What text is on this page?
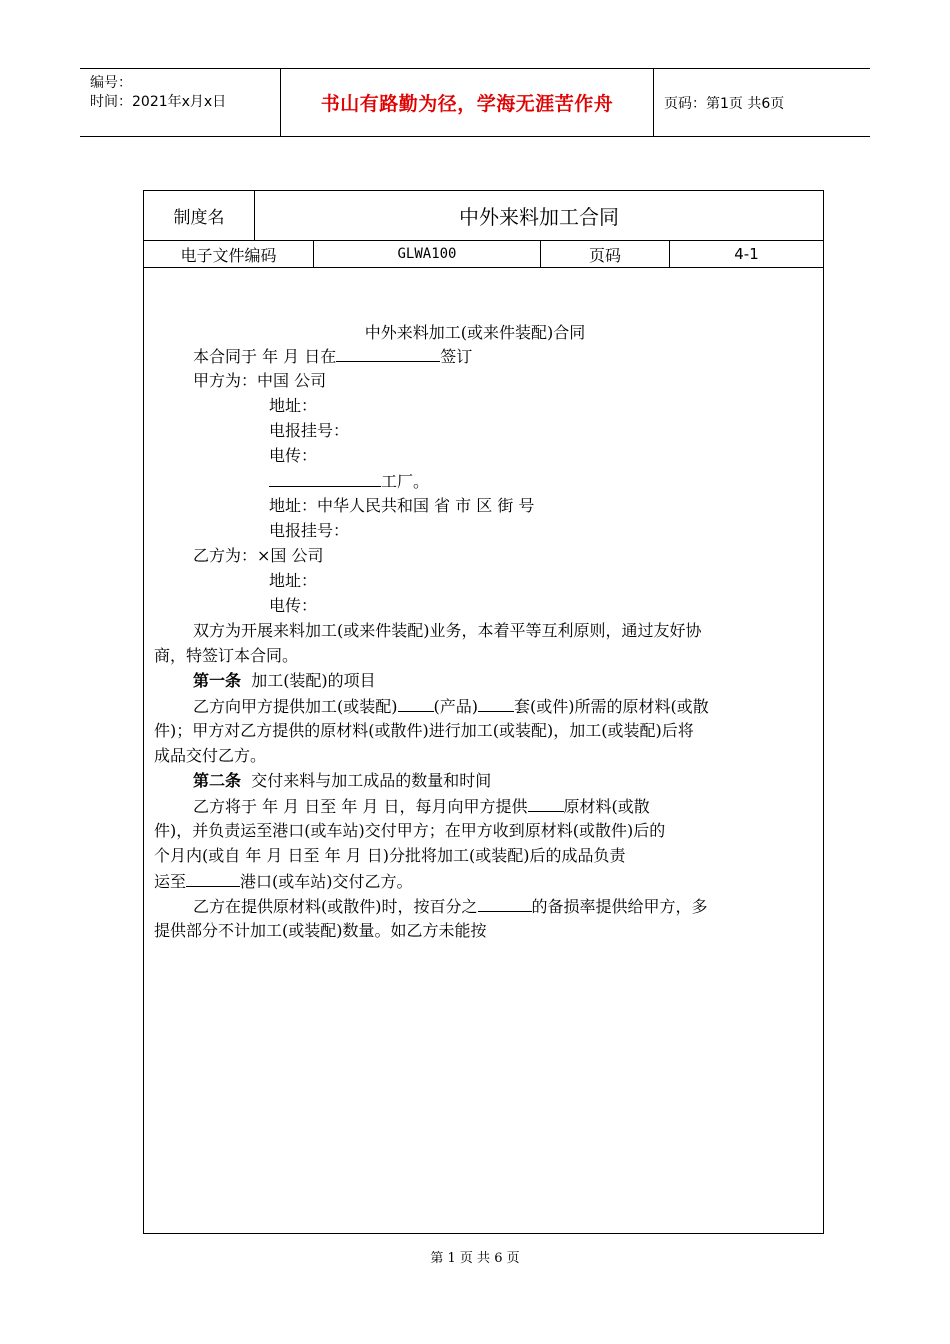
编号：
时间：2021年x月x日	书山有路勤为径，学海无涯苦作舟	页码：第1页 共6页
制度名	中外来料加工合同
电子文件编码	GLWA100	页码	4-1
中外来料加工(或来件装配)合同
本合同于 年 月 日在	签订
甲方为：中国 公司
地址：
电报挂号：
电传：
工厂。
地址：中华人民共和国 省 市 区 街 号
电报挂号：
乙方为：×国 公司
地址：
电传：
双方为开展来料加工(或来件装配)业务，本着平等互利原则，通过友好协
商，特签订本合同。
第一条 加工(装配)的项目
乙方向甲方提供加工(或装配) (产品) 套(或件)所需的原材料(或散
件)；甲方对乙方提供的原材料(或散件)进行加工(或装配)，加工(或装配)后将
成品交付乙方。
第二条 交付来料与加工成品的数量和时间
乙方将于 年 月 日至 年 月 日，每月向甲方提供 原材料(或散
件)，并负责运至港口(或车站)交付甲方；在甲方收到原材料(或散件)后的
个月内(或自 年 月 日至 年 月 日)分批将加工(或装配)后的成品负责
运至	港口(或车站)交付乙方。
乙方在提供原材料(或散件)时，按百分之	的备损率提供给甲方，多
提供部分不计加工(或装配)数量。如乙方未能按
第 1 页 共 6 页
